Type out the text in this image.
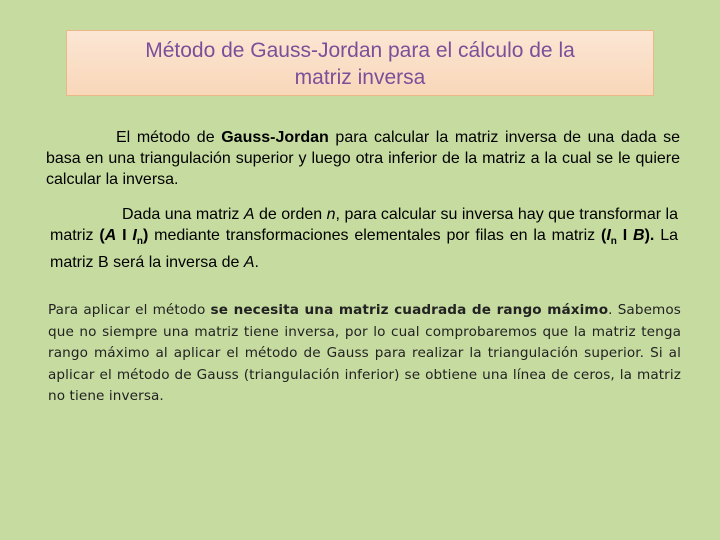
Método de Gauss-Jordan para el cálculo de la
matriz inversa
El método de Gauss-Jordan para calcular la matriz inversa de una dada se basa en una triangulación superior y luego otra inferior de la matriz a la cual se le quiere calcular la inversa.
Dada una matriz A de orden n, para calcular su inversa hay que transformar la matriz (A I $I_n$) mediante transformaciones elementales por filas en la matriz ($I_n$ I B). La matriz B será la inversa de A.
Para aplicar el método se necesita una matriz cuadrada de rango máximo. Sabemos que no siempre una matriz tiene inversa, por lo cual comprobaremos que la matriz tenga rango máximo al aplicar el método de Gauss para realizar la triangulación superior. Si al aplicar el método de Gauss (triangulación inferior) se obtiene una línea de ceros, la matriz no tiene inversa.
